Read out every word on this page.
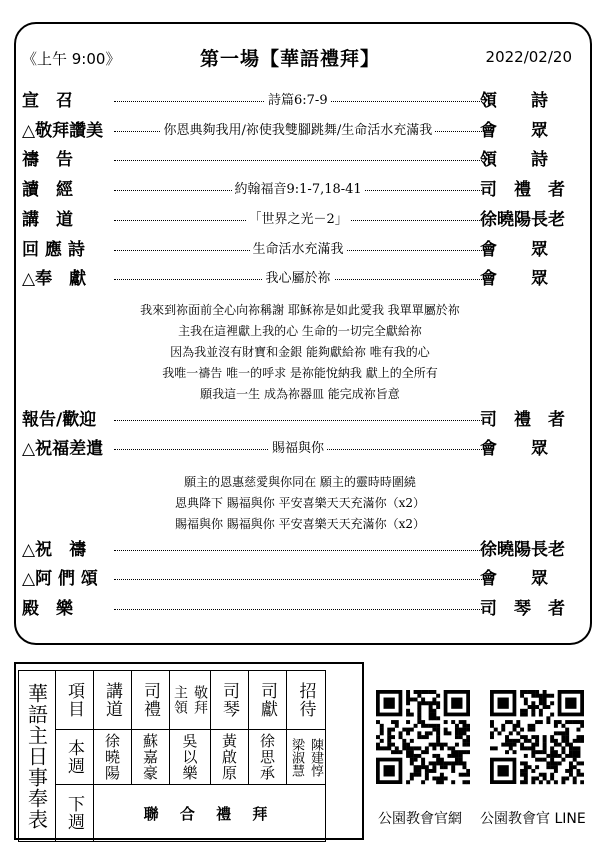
《上午 9:00》	第一場【華語禮拜】	2022/02/20
宣　召	詩篇6:7-9	領　　詩
△敬拜讚美	你恩典夠我用/祢使我雙腳跳舞/生命活水充滿我	會　　眾
禱　告	領　　詩
讀　經	約翰福音9:1-7,18-41	司　禮　者
講　道	「世界之光－2」	徐曉陽長老
回 應 詩	生命活水充滿我	會　　眾
△奉　獻	我心屬於祢	會　　眾
報告/歡迎	司　禮　者
△祝福差遣	賜福與你	會　　眾
△祝　禱	徐曉陽長老
△阿 們 頌	會　　眾
殿　樂	司　琴　者
我來到祢面前全心向祢稱謝 耶穌祢是如此愛我 我單單屬於祢
主我在這裡獻上我的心 生命的一切完全獻給祢
因為我並沒有財寶和金銀 能夠獻給祢 唯有我的心
我唯一禱告 唯一的呼求 是祢能悅納我 獻上的全所有
願我這一生 成為祢器皿 能完成祢旨意
願主的恩惠慈愛與你同在 願主的靈時時圍繞
恩典降下 賜福與你 平安喜樂天天充滿你（x2）
賜福與你 賜福與你 平安喜樂天天充滿你（x2）
華語主日事奉表	項目	講道	司禮	敬拜主領	司琴	司獻	招待

	本週	徐曉陽	蘇嘉豪	吳以樂	黃啟原	徐思承	陳建惇 梁淑慧

	下週	聯 合 禮 拜						公園教會官網 公園教會官 LINE
